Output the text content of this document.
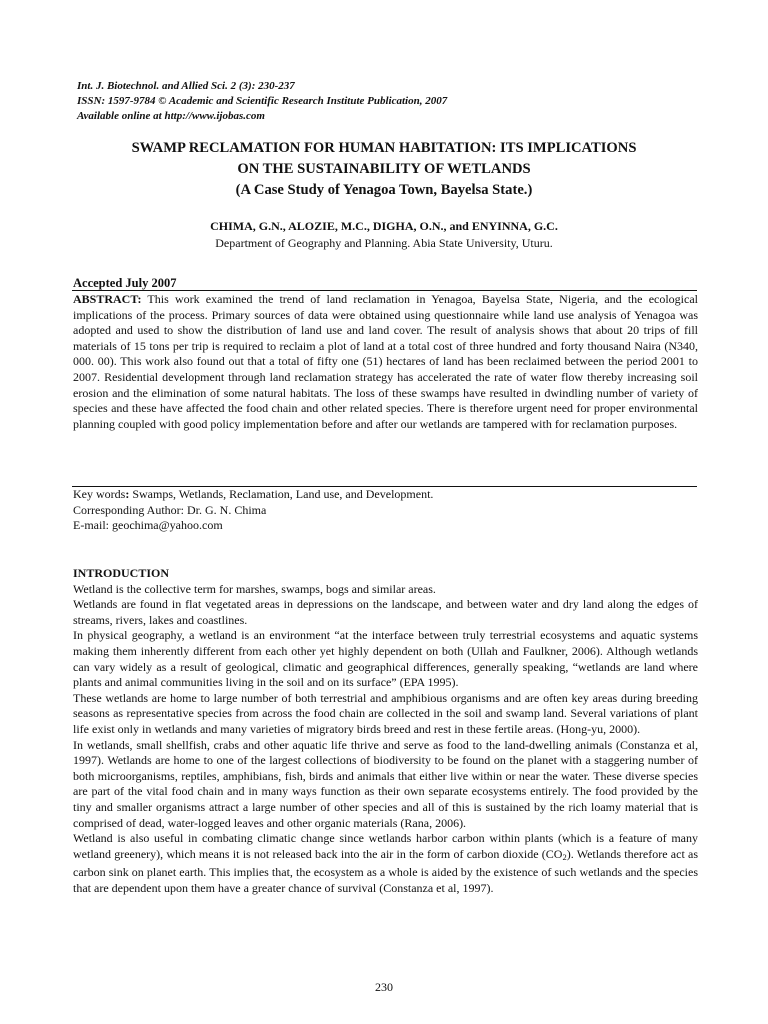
Int. J. Biotechnol. and Allied Sci. 2 (3): 230-237
ISSN: 1597-9784 © Academic and Scientific Research Institute Publication, 2007
Available online at http://www.ijobas.com
SWAMP RECLAMATION FOR HUMAN HABITATION: ITS IMPLICATIONS
ON THE SUSTAINABILITY OF WETLANDS
(A Case Study of Yenagoa Town, Bayelsa State.)
CHIMA, G.N., ALOZIE, M.C., DIGHA, O.N., and ENYINNA, G.C.
Department of Geography and Planning. Abia State University, Uturu.
Accepted July 2007
ABSTRACT: This work examined the trend of land reclamation in Yenagoa, Bayelsa State, Nigeria, and the ecological implications of the process. Primary sources of data were obtained using questionnaire while land use analysis of Yenagoa was adopted and used to show the distribution of land use and land cover. The result of analysis shows that about 20 trips of fill materials of 15 tons per trip is required to reclaim a plot of land at a total cost of three hundred and forty thousand Naira (N340, 000. 00). This work also found out that a total of fifty one (51) hectares of land has been reclaimed between the period 2001 to 2007. Residential development through land reclamation strategy has accelerated the rate of water flow thereby increasing soil erosion and the elimination of some natural habitats. The loss of these swamps have resulted in dwindling number of variety of species and these have affected the food chain and other related species. There is therefore urgent need for proper environmental planning coupled with good policy implementation before and after our wetlands are tampered with for reclamation purposes.
Key words: Swamps, Wetlands, Reclamation, Land use, and Development.
Corresponding Author: Dr. G. N. Chima
E-mail: geochima@yahoo.com

INTRODUCTION

Wetland is the collective term for marshes, swamps, bogs and similar areas.

Wetlands are found in flat vegetated areas in depressions on the landscape, and between water and dry land along the edges of streams, rivers, lakes and coastlines.

In physical geography, a wetland is an environment “at the interface between truly terrestrial ecosystems and aquatic systems making them inherently different from each other yet highly dependent on both (Ullah and Faulkner, 2006). Although wetlands can vary widely as a result of geological, climatic and geographical differences, generally speaking, “wetlands are land where plants and animal communities living in the soil and on its surface” (EPA 1995).

These wetlands are home to large number of both terrestrial and amphibious organisms and are often key areas during breeding seasons as representative species from across the food chain are collected in the soil and swamp land. Several variations of plant life exist only in wetlands and many varieties of migratory birds breed and rest in these fertile areas. (Hong-yu, 2000).

In wetlands, small shellfish, crabs and other aquatic life thrive and serve as food to the land-dwelling animals (Constanza et al, 1997). Wetlands are home to one of the largest collections of biodiversity to be found on the planet with a staggering number of both microorganisms, reptiles, amphibians, fish, birds and animals that either live within or near the water. These diverse species are part of the vital food chain and in many ways function as their own separate ecosystems entirely. The food provided by the tiny and smaller organisms attract a large number of other species and all of this is sustained by the rich loamy material that is comprised of dead, water-logged leaves and other organic materials (Rana, 2006).

Wetland is also useful in combating climatic change since wetlands harbor carbon within plants (which is a feature of many wetland greenery), which means it is not released back into the air in the form of carbon dioxide $(CO_2)$. Wetlands therefore act as carbon sink on planet earth. This implies that, the ecosystem as a whole is aided by the existence of such wetlands and the species that are dependent upon them have a greater chance of survival (Constanza et al, 1997).

230
